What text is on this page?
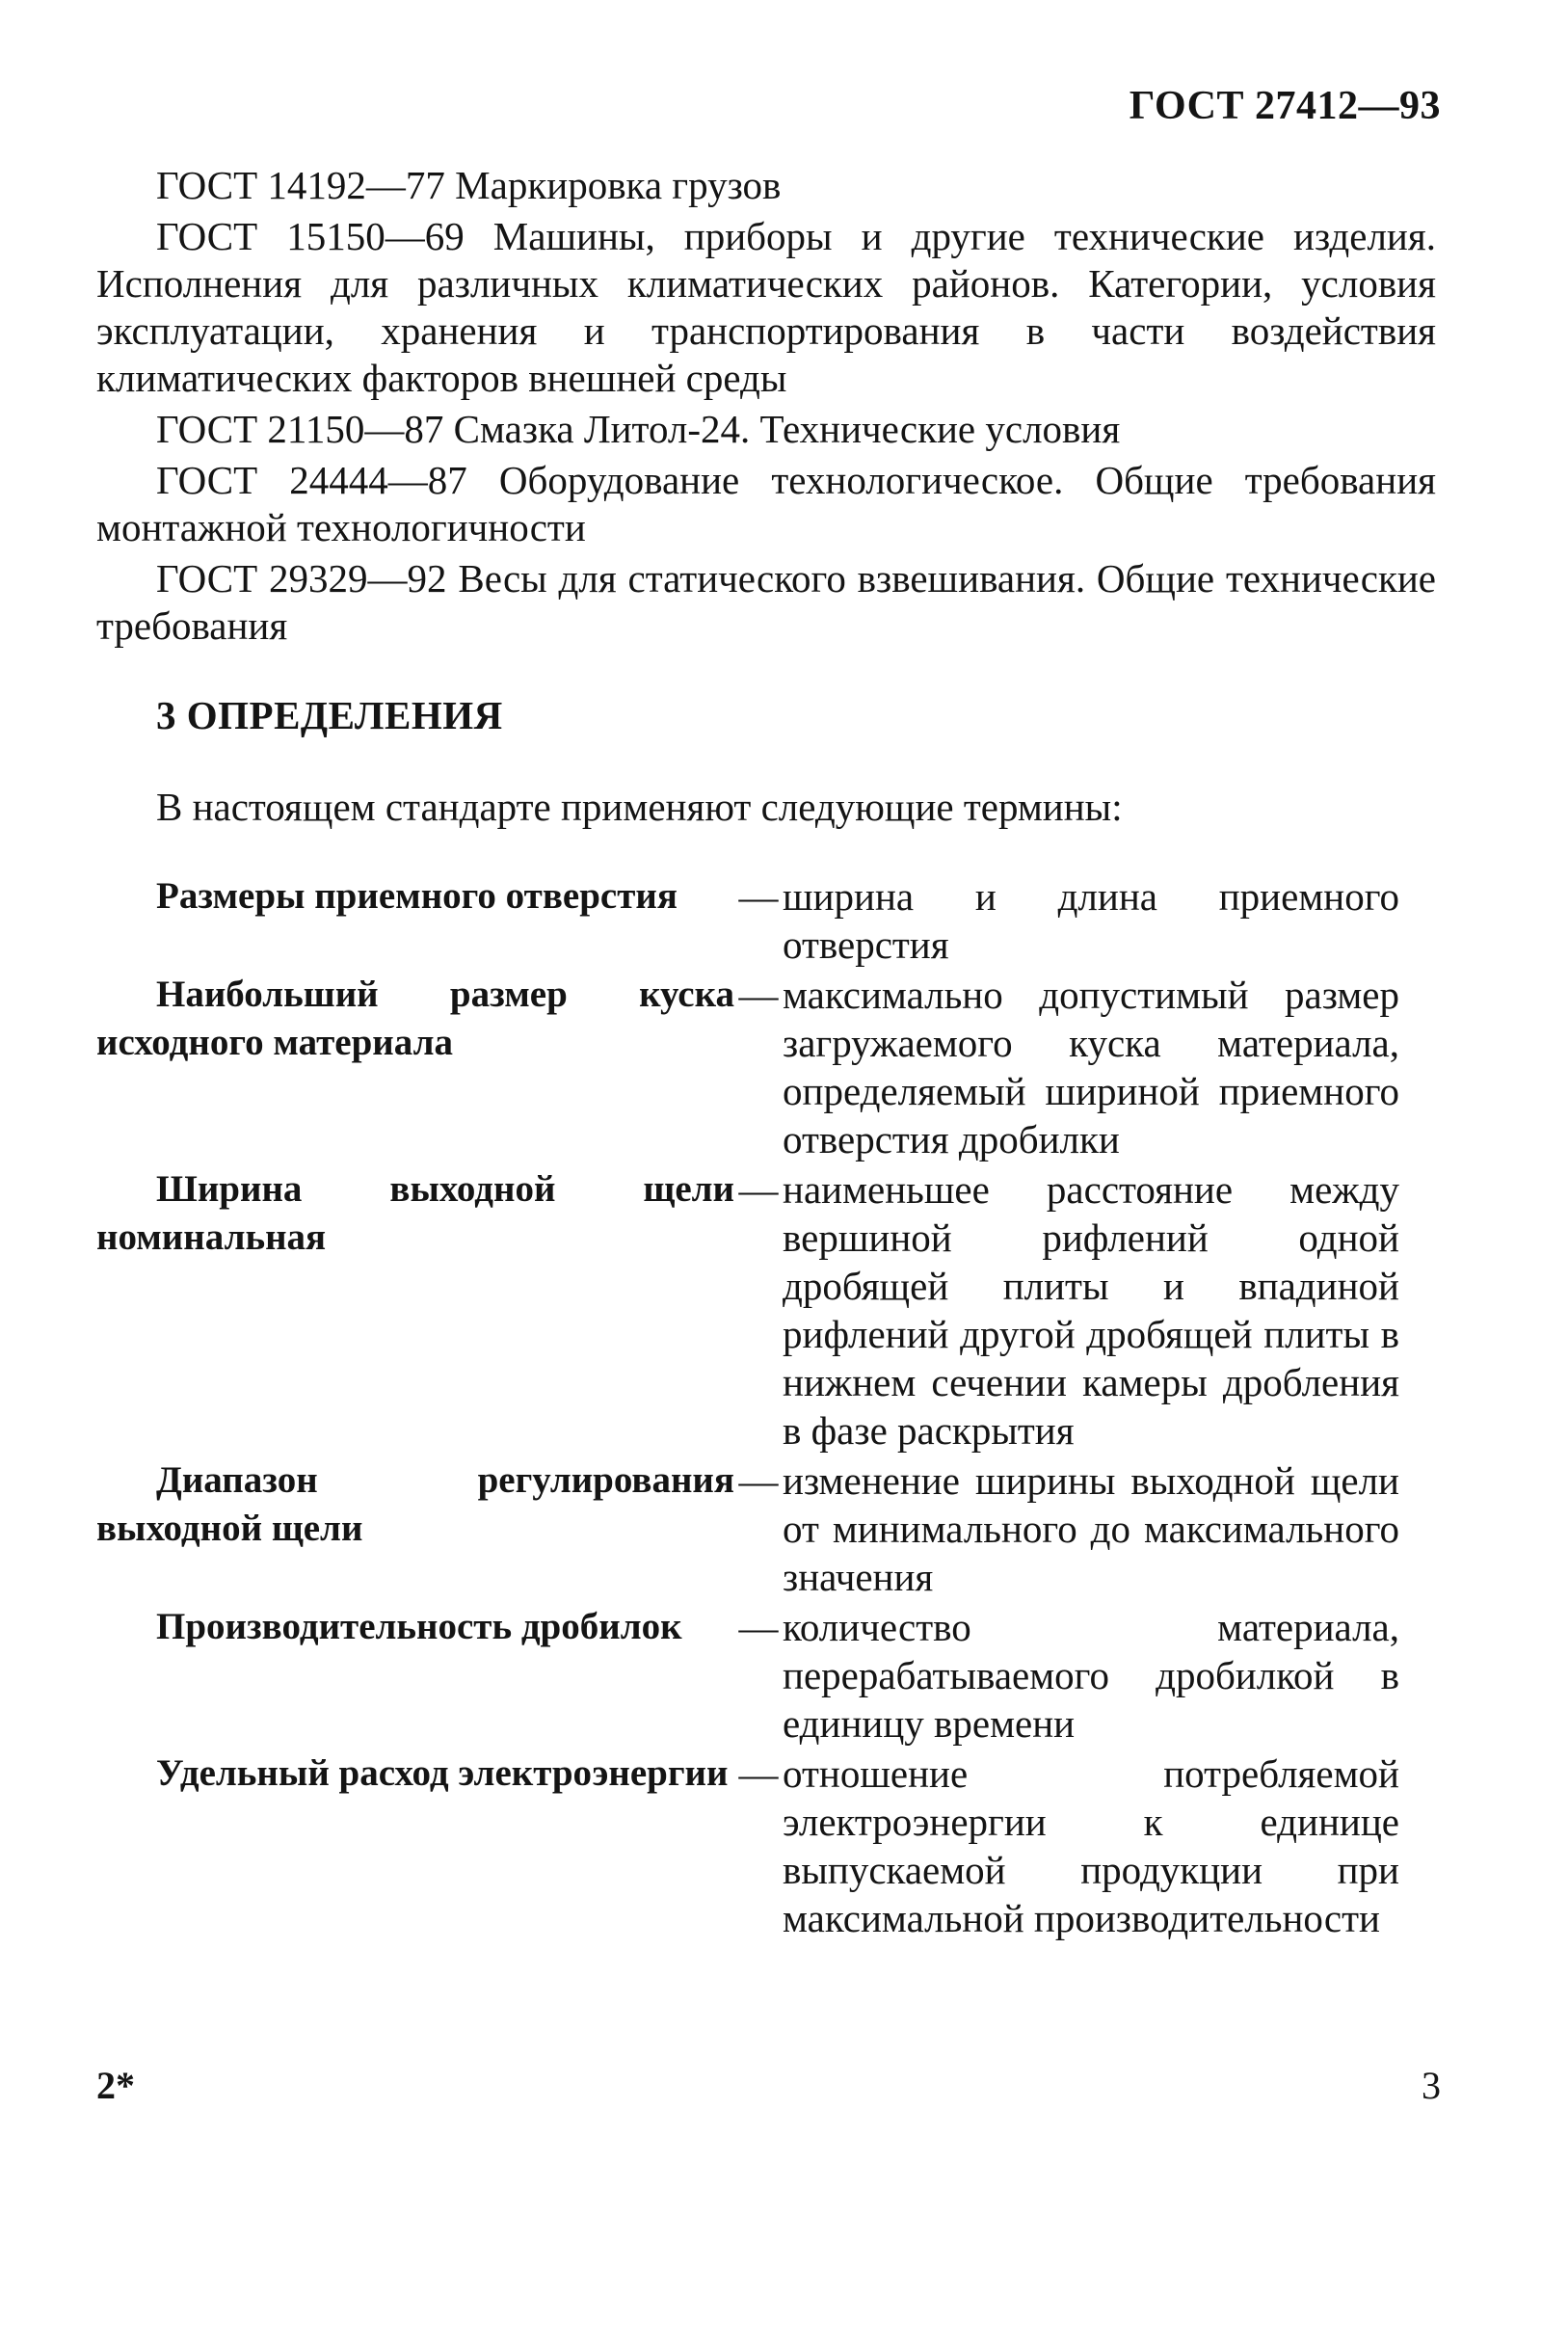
ГОСТ 27412—93

ГОСТ 14192—77 Маркировка грузов

ГОСТ 15150—69 Машины, приборы и другие технические изделия. Исполнения для различных климатических районов. Категории, условия эксплуатации, хранения и транспортирования в части воздействия климатических факторов внешней среды

ГОСТ 21150—87 Смазка Литол-24. Технические условия

ГОСТ 24444—87 Оборудование технологическое. Общие требования монтажной технологичности

ГОСТ 29329—92 Весы для статического взвешивания. Общие технические требования

3 ОПРЕДЕЛЕНИЯ
В настоящем стандарте применяют следующие термины:
Размеры приемного отверстия	— ширина и длина приемного отверстия
Наибольший размер куска исходного материала
— максимально допустимый размер загружаемого куска материала, определяемый шириной приемного отверстия дробилки
Ширина выходной щели номинальная
— наименьшее расстояние между вершиной рифлений одной дробящей плиты и впадиной рифлений другой дробящей плиты в нижнем сечении камеры дробления в фазе раскрытия
Диапазон регулирования выходной щели
— изменение ширины выходной щели от минимального до максимального значения
Производительность дробилок	— количество материала, перерабатываемого дробилкой в единицу времени
Удельный расход электроэнергии — отношение потребляемой электроэнергии к единице выпускаемой продукции при максимальной производительности
2*	3
